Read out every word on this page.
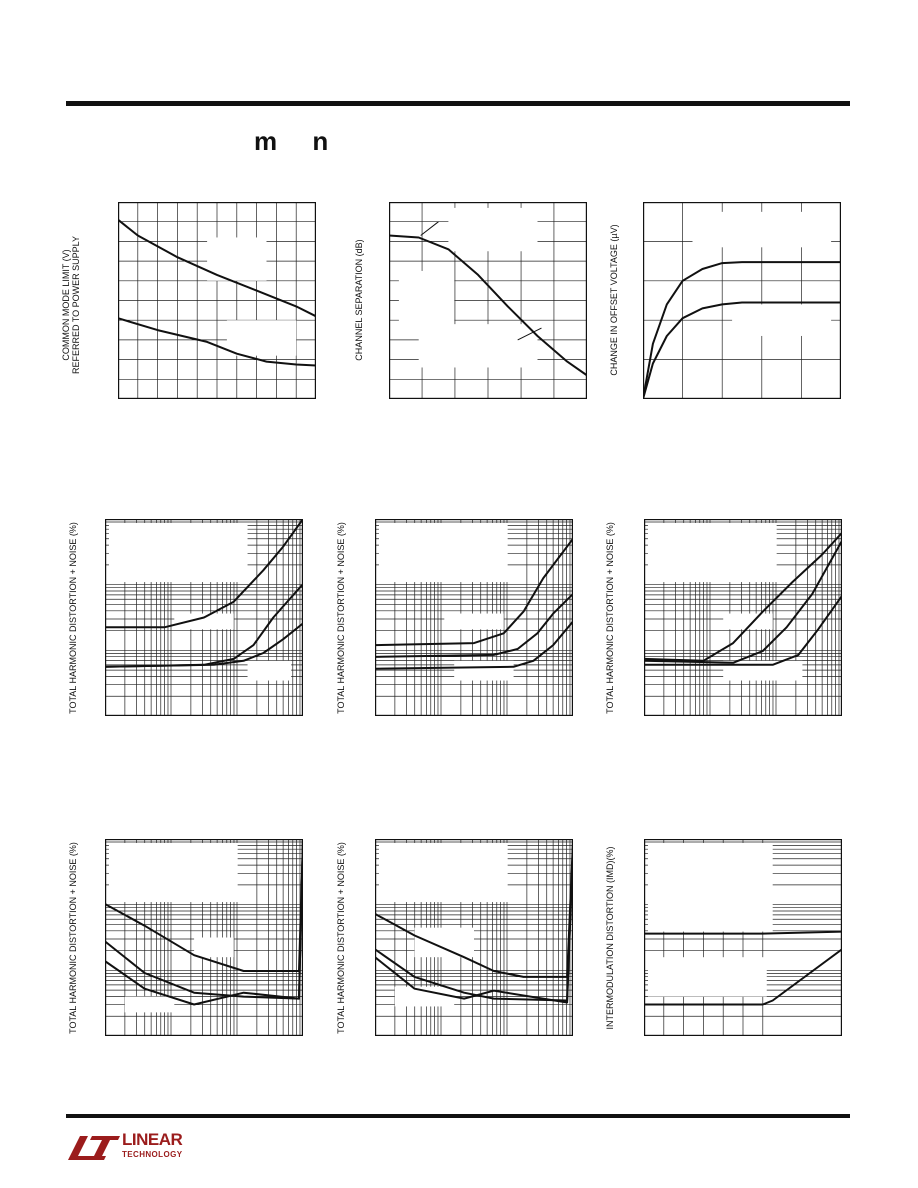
m n
COMMON MODE LIMIT (V) REFERRED TO POWER SUPPLY	CHANNEL SEPARATION (dB)	CHANGE IN OFFSET VOLTAGE (µV)
TOTAL HARMONIC DISTORTION + NOISE (%)	TOTAL HARMONIC DISTORTION + NOISE (%)	TOTAL HARMONIC DISTORTION + NOISE (%)
TOTAL HARMONIC DISTORTION + NOISE (%)	TOTAL HARMONIC DISTORTION + NOISE (%)	INTERMODULATION DISTORTION (IMD)(%)
LINEAR
TECHNOLOGY
